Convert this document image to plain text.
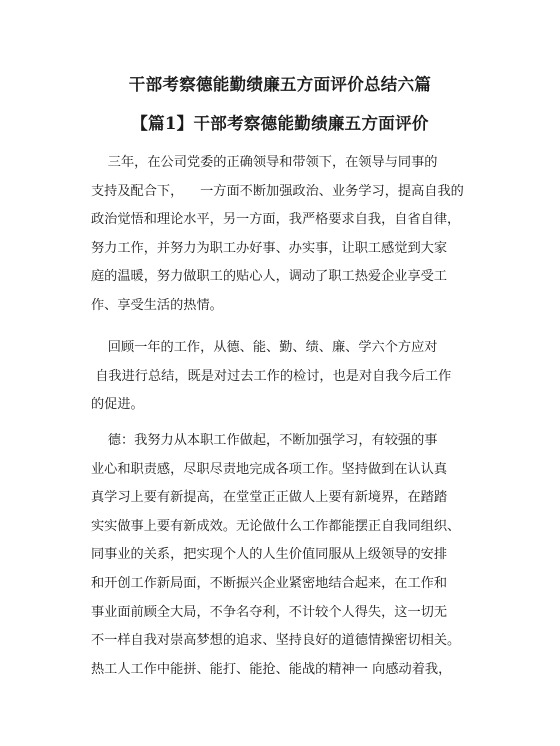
干部考察德能勤绩廉五方面评价总结六篇
【篇1】干部考察德能勤绩廉五方面评价
三年，在公司党委的正确领导和带领下，在领导与同事的
支持及配合下，    一方面不断加强政治、业务学习，提高自我的
政治觉悟和理论水平，另一方面，我严格要求自我，自省自律，
努力工作，并努力为职工办好事、办实事，让职工感觉到大家
庭的温暖，努力做职工的贴心人，调动了职工热爱企业享受工
作、享受生活的热情。
回顾一年的工作，从德、能、勤、绩、廉、学六个方应对
自我进行总结，既是对过去工作的检讨，也是对自我今后工作
的促进。
德：我努力从本职工作做起，不断加强学习，有较强的事
业心和职责感，尽职尽责地完成各项工作。坚持做到在认认真
真学习上要有新提高，在堂堂正正做人上要有新境界，在踏踏
实实做事上要有新成效。无论做什么工作都能摆正自我同组织、
同事业的关系，把实现个人的人生价值同服从上级领导的安排
和开创工作新局面，不断振兴企业紧密地结合起来，在工作和
事业面前顾全大局，不争名夺利，不计较个人得失，这一切无
不一样自我对崇高梦想的追求、坚持良好的道德情操密切相关。
热工人工作中能拼、能打、能抢、能战的精神一 向感动着我，
